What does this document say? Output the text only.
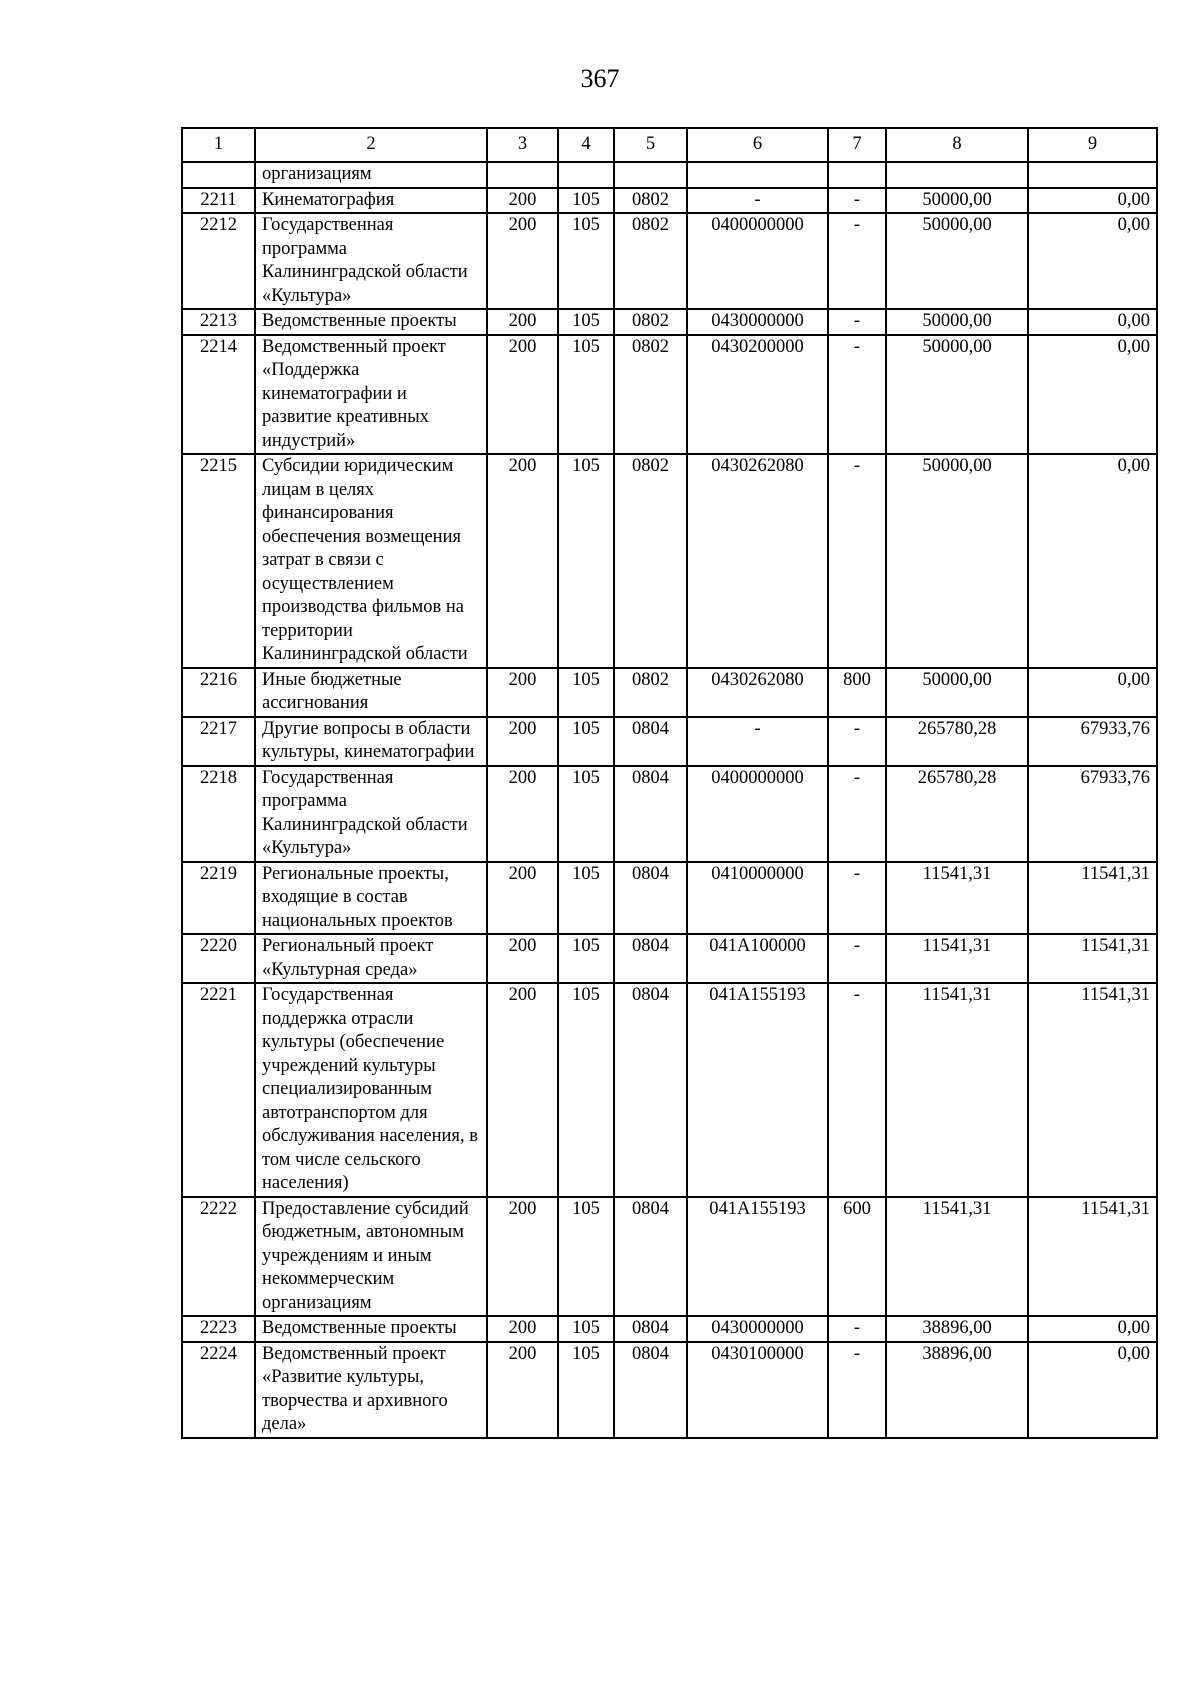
367
1	2	3	4	5	6	7	8	9
	организациям							
2211	Кинематография	200	105	0802	-	-	50000,00	0,00
2212	Государственная программа Калининградской области «Культура»	200	105	0802	0400000000	-	50000,00	0,00
2213	Ведомственные проекты	200	105	0802	0430000000	-	50000,00	0,00
2214	Ведомственный проект «Поддержка кинематографии и развитие креативных индустрий»	200	105	0802	0430200000	-	50000,00	0,00
2215	Субсидии юридическим лицам в целях финансирования обеспечения возмещения затрат в связи с осуществлением производства фильмов на территории Калининградской области	200	105	0802	0430262080	-	50000,00	0,00
2216	Иные бюджетные ассигнования	200	105	0802	0430262080	800	50000,00	0,00
2217	Другие вопросы в области культуры, кинематографии	200	105	0804	-	-	265780,28	67933,76
2218	Государственная программа Калининградской области «Культура»	200	105	0804	0400000000	-	265780,28	67933,76
2219	Региональные проекты, входящие в состав национальных проектов	200	105	0804	0410000000	-	11541,31	11541,31
2220	Региональный проект «Культурная среда»	200	105	0804	041A100000	-	11541,31	11541,31
2221	Государственная поддержка отрасли культуры (обеспечение учреждений культуры специализированным автотранспортом для обслуживания населения, в том числе сельского населения)	200	105	0804	041A155193	-	11541,31	11541,31
2222	Предоставление субсидий бюджетным, автономным учреждениям и иным некоммерческим организациям	200	105	0804	041A155193	600	11541,31	11541,31
2223	Ведомственные проекты	200	105	0804	0430000000	-	38896,00	0,00
2224	Ведомственный проект «Развитие культуры, творчества и архивного дела»	200	105	0804	0430100000	-	38896,00	0,00
